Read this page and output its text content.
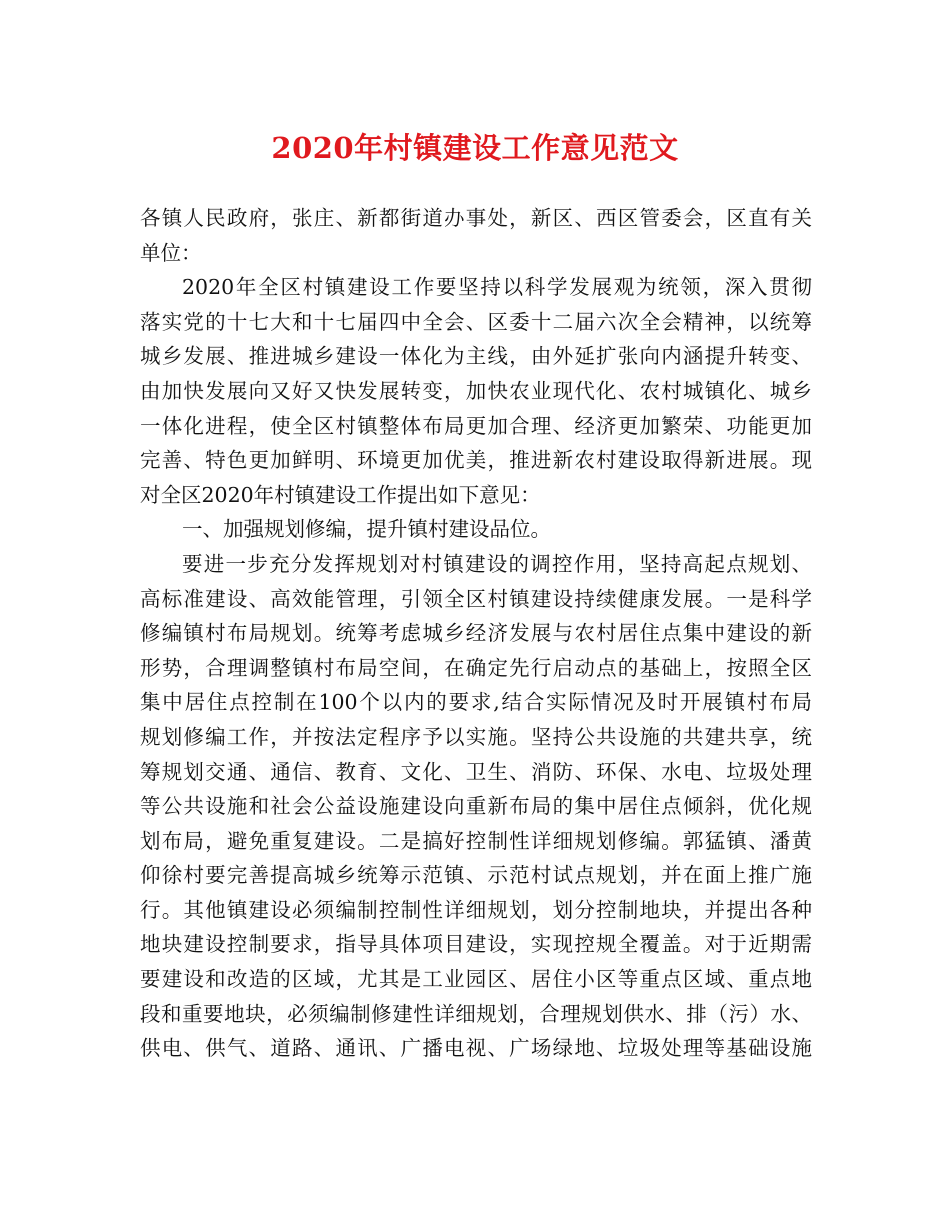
2020年村镇建设工作意见范文
各镇人民政府，张庄、新都街道办事处，新区、西区管委会，区直有关
单位：
2020年全区村镇建设工作要坚持以科学发展观为统领，深入贯彻
落实党的十七大和十七届四中全会、区委十二届六次全会精神，以统筹
城乡发展、推进城乡建设一体化为主线，由外延扩张向内涵提升转变、
由加快发展向又好又快发展转变，加快农业现代化、农村城镇化、城乡
一体化进程，使全区村镇整体布局更加合理、经济更加繁荣、功能更加
完善、特色更加鲜明、环境更加优美，推进新农村建设取得新进展。现
对全区2020年村镇建设工作提出如下意见：
一、加强规划修编，提升镇村建设品位。
要进一步充分发挥规划对村镇建设的调控作用，坚持高起点规划、
高标准建设、高效能管理，引领全区村镇建设持续健康发展。一是科学
修编镇村布局规划。统筹考虑城乡经济发展与农村居住点集中建设的新
形势，合理调整镇村布局空间，在确定先行启动点的基础上，按照全区
集中居住点控制在100个以内的要求,结合实际情况及时开展镇村布局
规划修编工作，并按法定程序予以实施。坚持公共设施的共建共享，统
筹规划交通、通信、教育、文化、卫生、消防、环保、水电、垃圾处理
等公共设施和社会公益设施建设向重新布局的集中居住点倾斜，优化规
划布局，避免重复建设。二是搞好控制性详细规划修编。郭猛镇、潘黄
仰徐村要完善提高城乡统筹示范镇、示范村试点规划，并在面上推广施
行。其他镇建设必须编制控制性详细规划，划分控制地块，并提出各种
地块建设控制要求，指导具体项目建设，实现控规全覆盖。对于近期需
要建设和改造的区域，尤其是工业园区、居住小区等重点区域、重点地
段和重要地块，必须编制修建性详细规划，合理规划供水、排（污）水、
供电、供气、道路、通讯、广播电视、广场绿地、垃圾处理等基础设施
